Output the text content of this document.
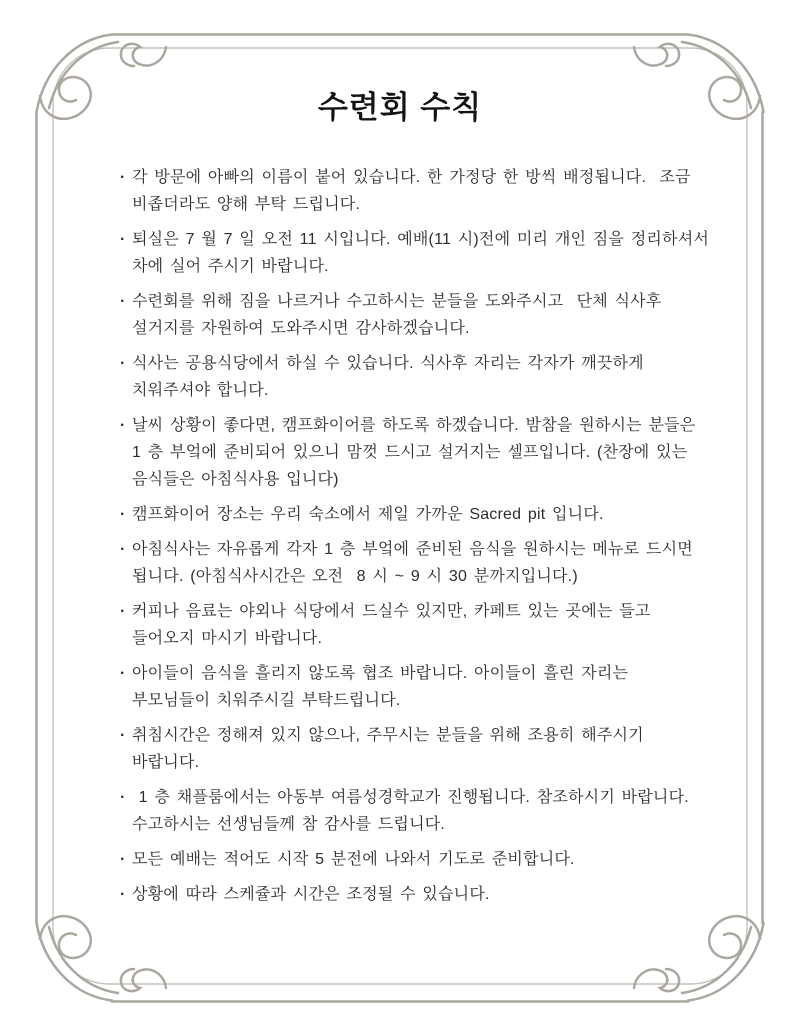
수련회 수칙
· 각 방문에 아빠의 이름이 붙어 있습니다. 한 가정당 한 방씩 배정됩니다.  조금
비좁더라도 양해 부탁 드립니다.
· 퇴실은 7 월 7 일 오전 11 시입니다. 예배(11 시)전에 미리 개인 짐을 정리하셔서
차에 실어 주시기 바랍니다.
· 수련회를 위해 짐을 나르거나 수고하시는 분들을 도와주시고  단체 식사후
설거지를 자원하여 도와주시면 감사하겠습니다.
· 식사는 공용식당에서 하실 수 있습니다. 식사후 자리는 각자가 깨끗하게
치워주셔야 합니다.
· 날씨 상황이 좋다면, 캠프화이어를 하도록 하겠습니다. 밤참을 원하시는 분들은
1 층 부엌에 준비되어 있으니 맘껏 드시고 설거지는 셀프입니다. (찬장에 있는
음식들은 아침식사용 입니다)
· 캠프화이어 장소는 우리 숙소에서 제일 가까운 Sacred pit 입니다.
· 아침식사는 자유롭게 각자 1 층 부엌에 준비된 음식을 원하시는 메뉴로 드시면
됩니다. (아침식사시간은 오전  8 시 ~ 9 시 30 분까지입니다.)
· 커피나 음료는 야외나 식당에서 드실수 있지만, 카페트 있는 곳에는 들고
들어오지 마시기 바랍니다.
· 아이들이 음식을 흘리지 않도록 협조 바랍니다. 아이들이 흘린 자리는
부모님들이 치워주시길 부탁드립니다.
· 취침시간은 정해져 있지 않으나, 주무시는 분들을 위해 조용히 해주시기
바랍니다.
· 1 층 채플룸에서는 아동부 여름성경학교가 진행됩니다. 참조하시기 바랍니다.
수고하시는 선생님들께 참 감사를 드립니다.
· 모든 예배는 적어도 시작 5 분전에 나와서 기도로 준비합니다.
· 상황에 따라 스케쥴과 시간은 조정될 수 있습니다.
